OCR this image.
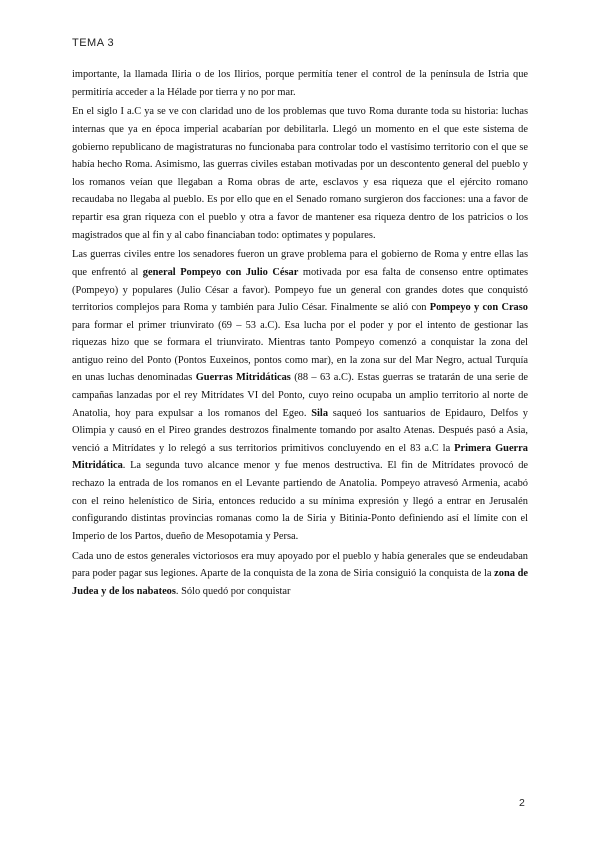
TEMA 3

importante, la llamada Iliria o de los Ilirios, porque permitía tener el control de la península de Istria que permitiría acceder a la Hélade por tierra y no por mar.

En el siglo I a.C ya se ve con claridad uno de los problemas que tuvo Roma durante toda su historia: luchas internas que ya en época imperial acabarían por debilitarla. Llegó un momento en el que este sistema de gobierno republicano de magistraturas no funcionaba para controlar todo el vastísimo territorio con el que se había hecho Roma. Asimismo, las guerras civiles estaban motivadas por un descontento general del pueblo y los romanos veían que llegaban a Roma obras de arte, esclavos y esa riqueza que el ejército romano recaudaba no llegaba al pueblo. Es por ello que en el Senado romano surgieron dos facciones: una a favor de repartir esa gran riqueza con el pueblo y otra a favor de mantener esa riqueza dentro de los patricios o los magistrados que al fin y al cabo financiaban todo: optimates y populares.

Las guerras civiles entre los senadores fueron un grave problema para el gobierno de Roma y entre ellas las que enfrentó al general Pompeyo con Julio César motivada por esa falta de consenso entre optimates (Pompeyo) y populares (Julio César a favor). Pompeyo fue un general con grandes dotes que conquistó territorios complejos para Roma y también para Julio César. Finalmente se alió con Pompeyo y con Craso para formar el primer triunvirato (69 – 53 a.C). Esa lucha por el poder y por el intento de gestionar las riquezas hizo que se formara el triunvirato. Mientras tanto Pompeyo comenzó a conquistar la zona del antiguo reino del Ponto (Pontos Euxeinos, pontos como mar), en la zona sur del Mar Negro, actual Turquía en unas luchas denominadas Guerras Mitridáticas (88 – 63 a.C). Estas guerras se tratarán de una serie de campañas lanzadas por el rey Mitrídates VI del Ponto, cuyo reino ocupaba un amplio territorio al norte de Anatolia, hoy para expulsar a los romanos del Egeo. Sila saqueó los santuarios de Epidauro, Delfos y Olimpia y causó en el Pireo grandes destrozos finalmente tomando por asalto Atenas. Después pasó a Asia, venció a Mitrídates y lo relegó a sus territorios primitivos concluyendo en el 83 a.C la Primera Guerra Mitridática. La segunda tuvo alcance menor y fue menos destructiva. El fin de Mitrídates provocó de rechazo la entrada de los romanos en el Levante partiendo de Anatolia. Pompeyo atravesó Armenia, acabó con el reino helenístico de Siria, entonces reducido a su mínima expresión y llegó a entrar en Jerusalén configurando distintas provincias romanas como la de Siria y Bitinia-Ponto definiendo así el límite con el Imperio de los Partos, dueño de Mesopotamia y Persa.

Cada uno de estos generales victoriosos era muy apoyado por el pueblo y había generales que se endeudaban para poder pagar sus legiones. Aparte de la conquista de la zona de Siria consiguió la conquista de la zona de Judea y de los nabateos. Sólo quedó por conquistar

2
